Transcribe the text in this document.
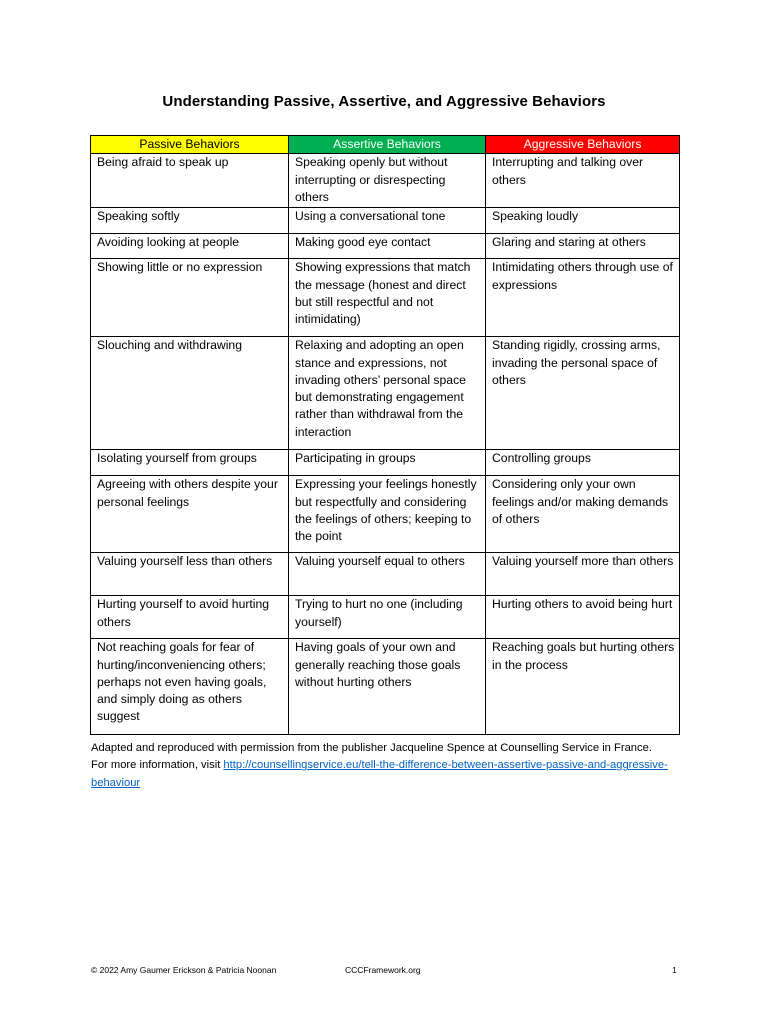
Understanding Passive, Assertive, and Aggressive Behaviors
Passive Behaviors	Assertive Behaviors	Aggressive Behaviors
Being afraid to speak up	Speaking openly but without interrupting or disrespecting others	Interrupting and talking over others
Speaking softly	Using a conversational tone	Speaking loudly
Avoiding looking at people	Making good eye contact	Glaring and staring at others
Showing little or no expression	Showing expressions that match the message (honest and direct but still respectful and not intimidating)	Intimidating others through use of expressions
Slouching and withdrawing	Relaxing and adopting an open stance and expressions, not invading others’ personal space but demonstrating engagement rather than withdrawal from the interaction	Standing rigidly, crossing arms, invading the personal space of others
Isolating yourself from groups	Participating in groups	Controlling groups
Agreeing with others despite your personal feelings	Expressing your feelings honestly but respectfully and considering the feelings of others; keeping to the point	Considering only your own feelings and/or making demands of others
Valuing yourself less than others	Valuing yourself equal to others	Valuing yourself more than others
Hurting yourself to avoid hurting others	Trying to hurt no one (including yourself)	Hurting others to avoid being hurt
Not reaching goals for fear of hurting/inconveniencing others; perhaps not even having goals, and simply doing as others suggest	Having goals of your own and generally reaching those goals without hurting others	Reaching goals but hurting others in the process
Adapted and reproduced with permission from the publisher Jacqueline Spence at Counselling Service in France.
For more information, visit http://counsellingservice.eu/tell-the-difference-between-assertive-passive-and-aggressive-behaviour
© 2022 Amy Gaumer Erickson & Patricia Noonan	CCCFramework.org	1
